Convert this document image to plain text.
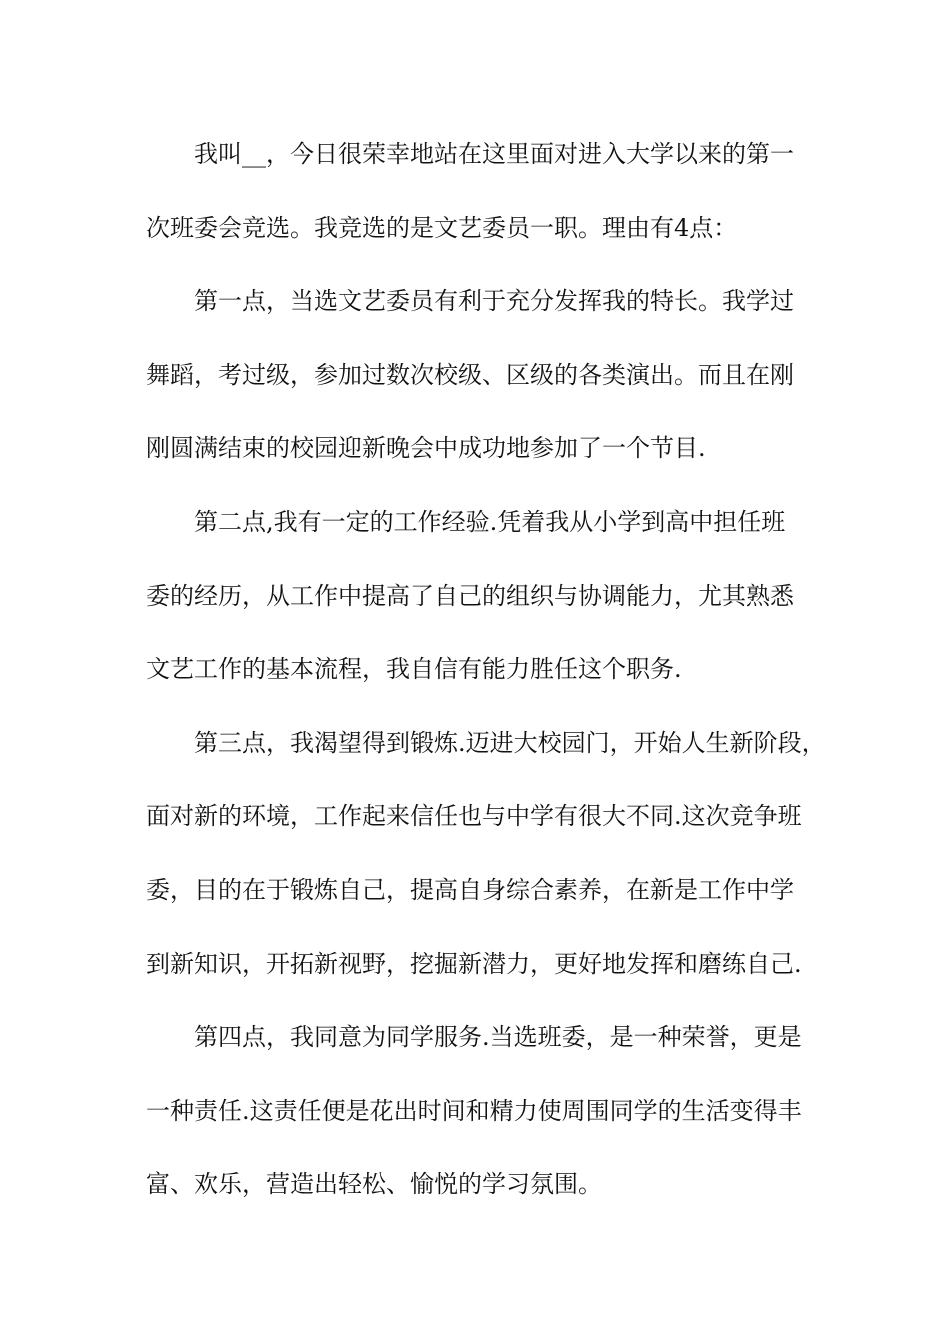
我叫__，今日很荣幸地站在这里面对进入大学以来的第一
次班委会竞选。我竞选的是文艺委员一职。理由有4点：
第一点，当选文艺委员有利于充分发挥我的特长。我学过
舞蹈，考过级，参加过数次校级、区级的各类演出。而且在刚
刚圆满结束的校园迎新晚会中成功地参加了一个节目.
第二点,我有一定的工作经验.凭着我从小学到高中担任班
委的经历，从工作中提高了自己的组织与协调能力，尤其熟悉
文艺工作的基本流程，我自信有能力胜任这个职务.
第三点，我渴望得到锻炼.迈进大校园门，开始人生新阶段，
面对新的环境，工作起来信任也与中学有很大不同.这次竞争班
委，目的在于锻炼自己，提高自身综合素养，在新是工作中学
到新知识，开拓新视野，挖掘新潜力，更好地发挥和磨练自己.
第四点，我同意为同学服务.当选班委，是一种荣誉，更是
一种责任.这责任便是花出时间和精力使周围同学的生活变得丰
富、欢乐，营造出轻松、愉悦的学习氛围。
